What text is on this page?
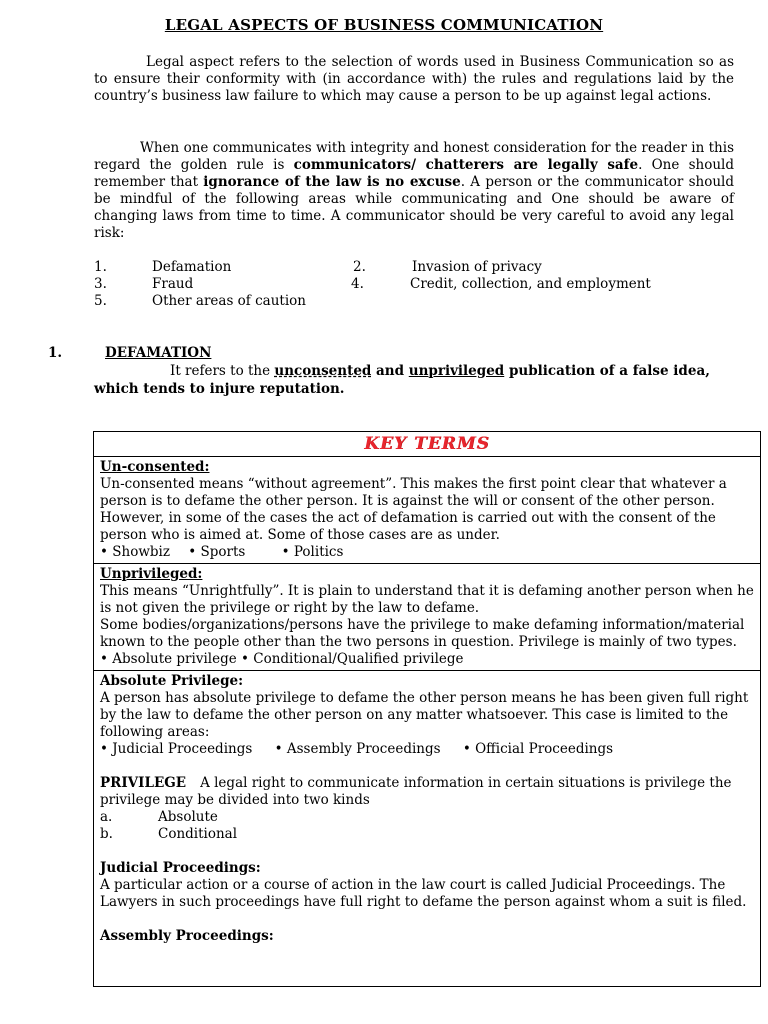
LEGAL ASPECTS OF BUSINESS COMMUNICATION
Legal aspect refers to the selection of words used in Business Communication so as to ensure their conformity with (in accordance with) the rules and regulations laid by the country’s business law failure to which may cause a person to be up against legal actions.
When one communicates with integrity and honest consideration for the reader in this regard the golden rule is communicators/ chatterers are legally safe. One should remember that ignorance of the law is no excuse. A person or the communicator should be mindful of the following areas while communicating and One should be aware of changing laws from time to time. A communicator should be very careful to avoid any legal risk:
1.	Defamation	2.	Invasion of privacy
3.	Fraud	4.	Credit, collection, and employment
5.	Other areas of caution
1.	DEFAMATION
It refers to the unconsented and unprivileged publication of a false idea, which tends to injure reputation.
KEY TERMS
Un-consented:
Un-consented means “without agreement”. This makes the first point clear that whatever a person is to defame the other person. It is against the will or consent of the other person. However, in some of the cases the act of defamation is carried out with the consent of the person who is aimed at. Some of those cases are as under.
• Showbiz • Sports	• Politics
Unprivileged:
This means “Unrightfully”. It is plain to understand that it is defaming another person when he is not given the privilege or right by the law to defame.
Some bodies/organizations/persons have the privilege to make defaming information/material known to the people other than the two persons in question. Privilege is mainly of two types.
• Absolute privilege • Conditional/Qualified privilege
Absolute Privilege:
A person has absolute privilege to defame the other person means he has been given full right by the law to defame the other person on any matter whatsoever. This case is limited to the following areas:
• Judicial Proceedings • Assembly Proceedings • Official Proceedings
PRIVILEGE A legal right to communicate information in certain situations is privilege the privilege may be divided into two kinds
a.	Absolute
b.	Conditional
Judicial Proceedings:
A particular action or a course of action in the law court is called Judicial Proceedings. The Lawyers in such proceedings have full right to defame the person against whom a suit is filed.
Assembly Proceedings:
